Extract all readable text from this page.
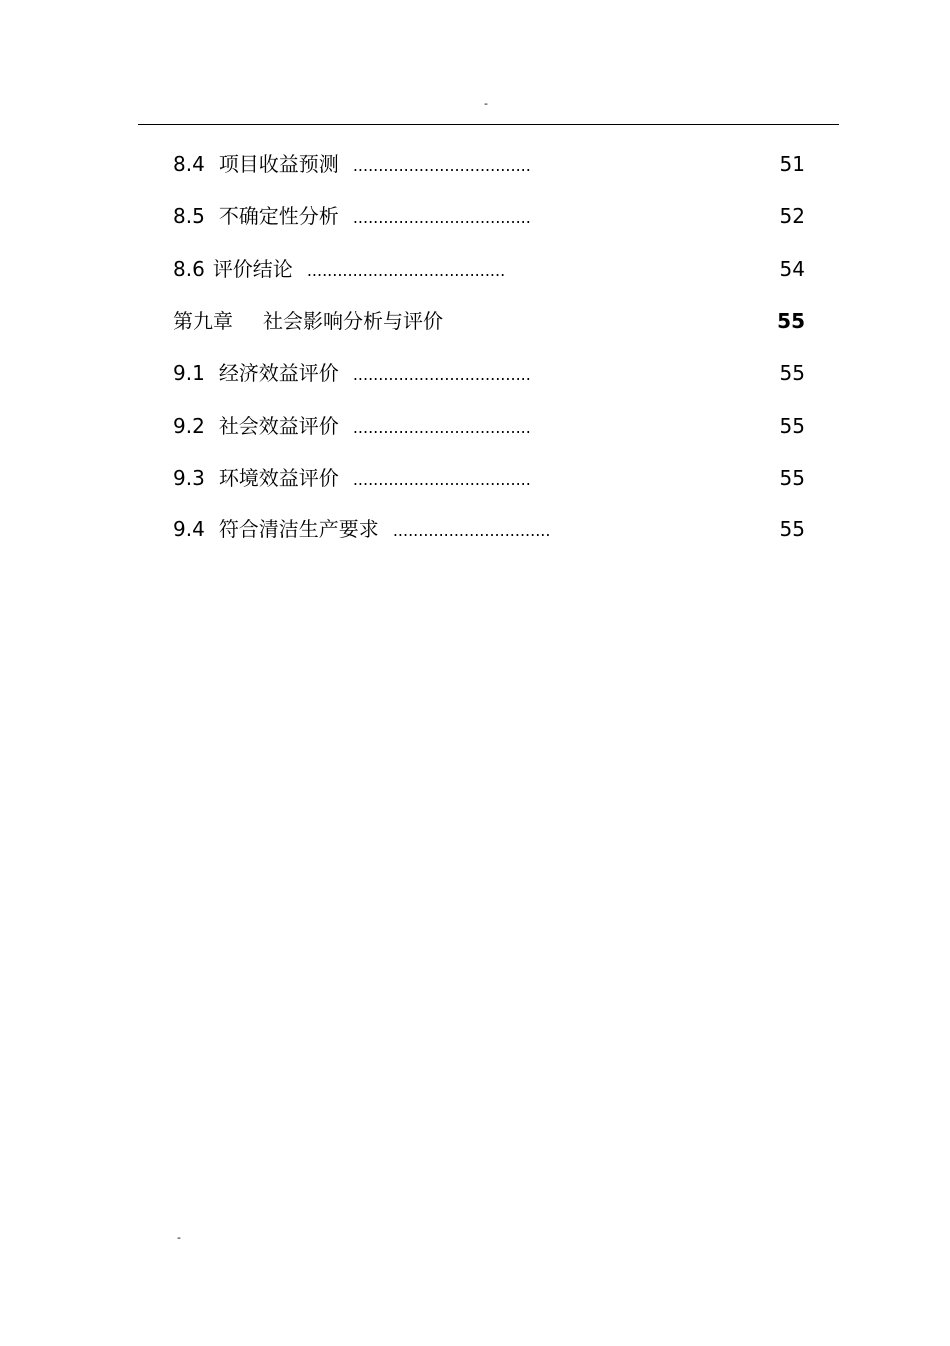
-
8.4 项目收益预测 ...................................	51
8.5 不确定性分析 ...................................	52
8.6 评价结论 .......................................	54
第九章 社会影响分析与评价	55
9.1 经济效益评价 ...................................	55
9.2 社会效益评价 ...................................	55
9.3 环境效益评价 ...................................	55
9.4 符合清洁生产要求 ...............................	55
-
